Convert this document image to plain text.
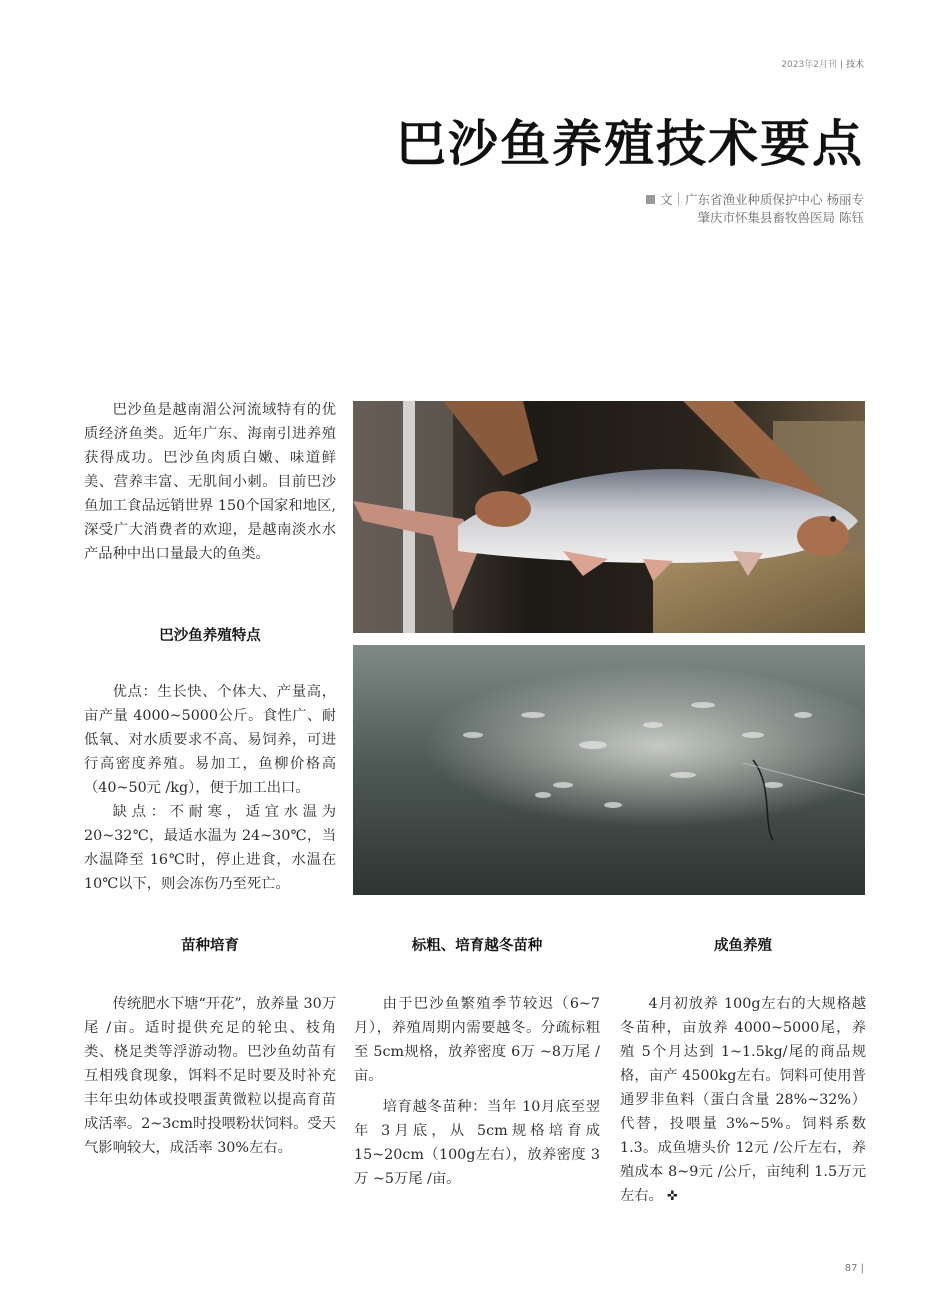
2023年2月刊 | 技术
巴沙鱼养殖技术要点
文｜广东省渔业种质保护中心 杨丽专
肇庆市怀集县畜牧兽医局 陈钰

巴沙鱼是越南湄公河流域特有的优质经济鱼类。近年广东、海南引进养殖获得成功。巴沙鱼肉质白嫩、味道鲜美、营养丰富、无肌间小刺。目前巴沙鱼加工食品远销世界 150个国家和地区,深受广大消费者的欢迎，是越南淡水水产品种中出口量最大的鱼类。

巴沙鱼养殖特点

优点：生长快、个体大、产量高，亩产量 4000~5000公斤。食性广、耐低氧、对水质要求不高、易饲养，可进行高密度养殖。易加工，鱼柳价格高（40~50元 /kg），便于加工出口。

缺点：不耐寒，适宜水温为 20~32℃，最适水温为 24~30℃，当水温降至 16℃时，停止进食，水温在 10℃以下，则会冻伤乃至死亡。

苗种培育	标粗、培育越冬苗种	成鱼养殖

传统肥水下塘“开花”，放养量 30万尾 /亩。适时提供充足的轮虫、枝角类、桡足类等浮游动物。巴沙鱼幼苗有互相残食现象，饵料不足时要及时补充丰年虫幼体或投喂蛋黄微粒以提高育苗成活率。2~3cm时投喂粉状饲料。受天气影响较大，成活率 30%左右。

由于巴沙鱼繁殖季节较迟（6~7月），养殖周期内需要越冬。分疏标粗至 5cm规格，放养密度 6万 ~8万尾 /亩。

培育越冬苗种：当年 10月底至翌年 3月底，从 5cm规格培育成 15~20cm（100g左右），放养密度 3万 ~5万尾 /亩。

4月初放养 100g左右的大规格越冬苗种，亩放养 4000~5000尾，养殖 5个月达到 1~1.5kg/尾的商品规格，亩产 4500kg左右。饲料可使用普通罗非鱼料（蛋白含量 28%~32%）代替，投喂量 3%~5%。饲料系数 1.3。成鱼塘头价 12元 /公斤左右，养殖成本 8~9元 /公斤，亩纯利 1.5万元左右。 ✜

87 |
